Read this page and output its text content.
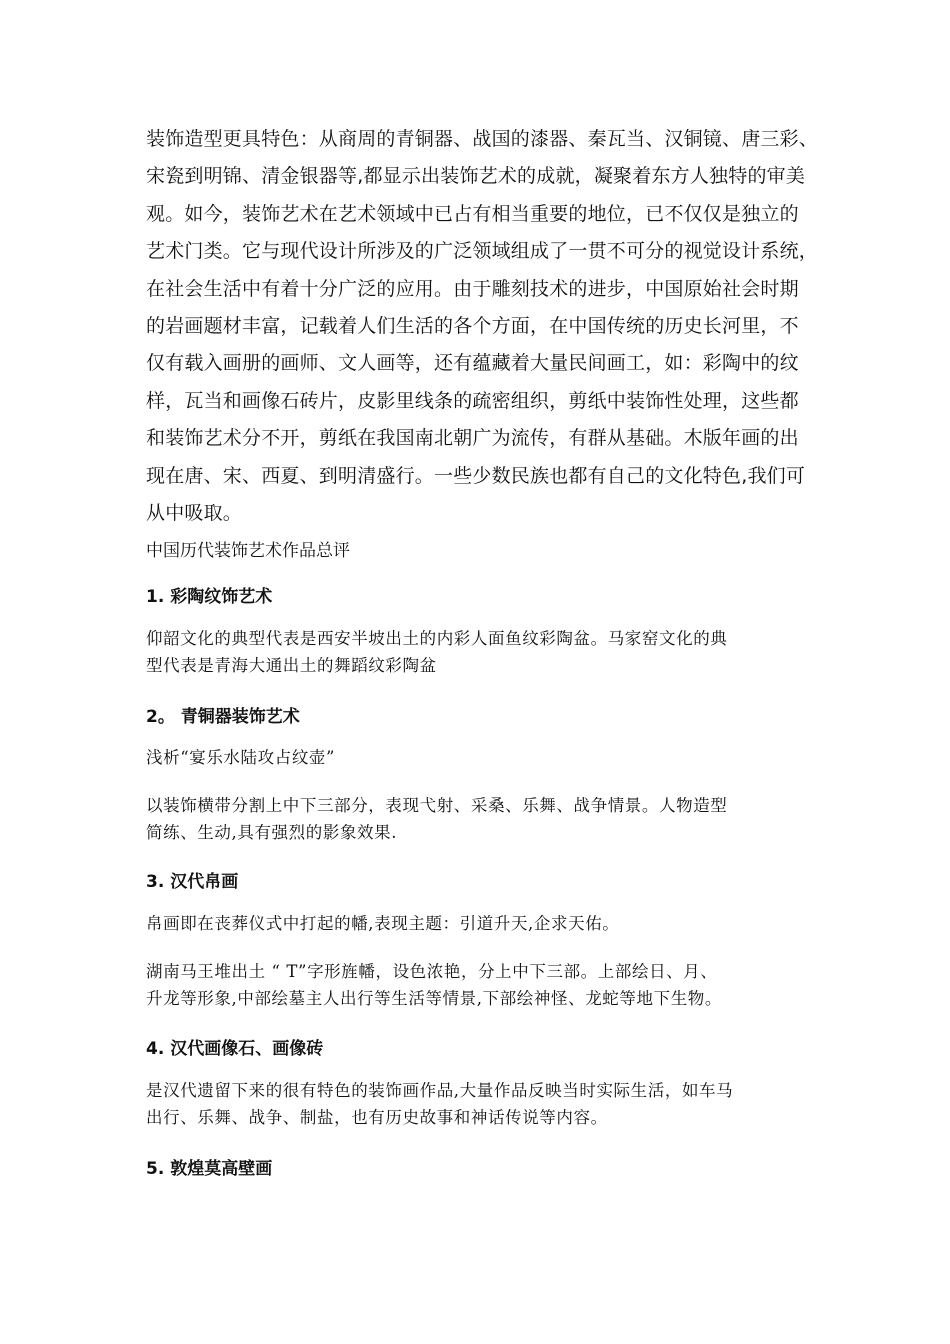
装饰造型更具特色：从商周的青铜器、战国的漆器、秦瓦当、汉铜镜、唐三彩、
宋瓷到明锦、清金银器等,都显示出装饰艺术的成就，凝聚着东方人独特的审美
观。如今，装饰艺术在艺术领域中已占有相当重要的地位，已不仅仅是独立的
艺术门类。它与现代设计所涉及的广泛领域组成了一贯不可分的视觉设计系统，
在社会生活中有着十分广泛的应用。由于雕刻技术的进步，中国原始社会时期
的岩画题材丰富，记载着人们生活的各个方面，在中国传统的历史长河里，不
仅有载入画册的画师、文人画等，还有蕴藏着大量民间画工，如：彩陶中的纹
样，瓦当和画像石砖片，皮影里线条的疏密组织，剪纸中装饰性处理，这些都
和装饰艺术分不开，剪纸在我国南北朝广为流传，有群从基础。木版年画的出
现在唐、宋、西夏、到明清盛行。一些少数民族也都有自己的文化特色,我们可
从中吸取。
中国历代装饰艺术作品总评
1. 彩陶纹饰艺术
仰韶文化的典型代表是西安半坡出土的内彩人面鱼纹彩陶盆。马家窑文化的典
型代表是青海大通出土的舞蹈纹彩陶盆
2。 青铜器装饰艺术
浅析“宴乐水陆攻占纹壶”
以装饰横带分割上中下三部分，表现弋射、采桑、乐舞、战争情景。人物造型
简练、生动,具有强烈的影象效果.
3. 汉代帛画
帛画即在丧葬仪式中打起的幡,表现主题：引道升天,企求天佑。
湖南马王堆出土 “ T”字形旌幡，设色浓艳，分上中下三部。上部绘日、月、
升龙等形象,中部绘墓主人出行等生活等情景,下部绘神怪、龙蛇等地下生物。
4. 汉代画像石、画像砖
是汉代遗留下来的很有特色的装饰画作品,大量作品反映当时实际生活，如车马
出行、乐舞、战争、制盐，也有历史故事和神话传说等内容。
5. 敦煌莫高壁画
